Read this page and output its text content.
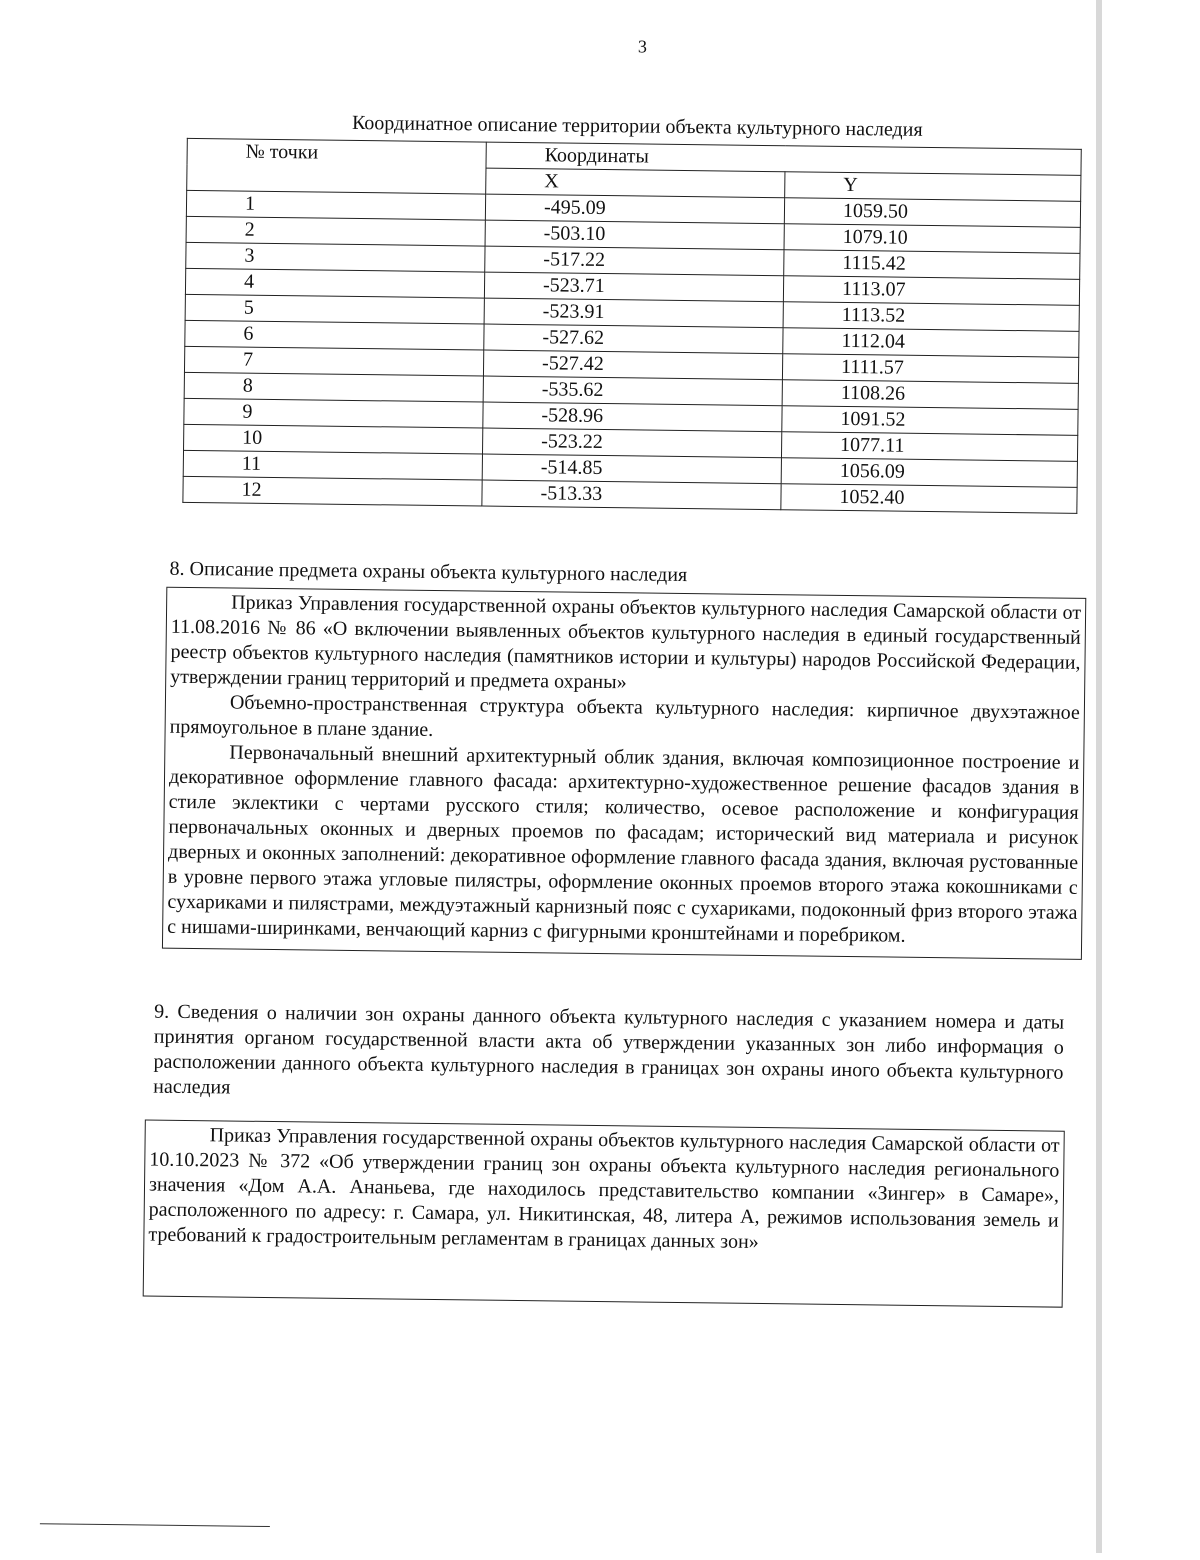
3
Координатное описание территории объекта культурного наследия
№ точки	Координаты	
	X	Y
1	-495.09	1059.50
2	-503.10	1079.10
3	-517.22	1115.42
4	-523.71	1113.07
5	-523.91	1113.52
6	-527.62	1112.04
7	-527.42	1111.57
8	-535.62	1108.26
9	-528.96	1091.52
10	-523.22	1077.11
11	-514.85	1056.09
12	-513.33	1052.40
8. Описание предмета охраны объекта культурного наследия

Приказ Управления государственной охраны объектов культурного наследия Самарской области от 11.08.2016 № 86 «О включении выявленных объектов культурного наследия в единый государственный реестр объектов культурного наследия (памятников истории и культуры) народов Российской Федерации, утверждении границ территорий и предмета охраны»

Объемно-пространственная структура объекта культурного наследия: кирпичное двухэтажное прямоугольное в плане здание.

Первоначальный внешний архитектурный облик здания, включая композиционное построение и декоративное оформление главного фасада: архитектурно-художественное решение фасадов здания в стиле эклектики с чертами русского стиля; количество, осевое расположение и конфигурация первоначальных оконных и дверных проемов по фасадам; исторический вид материала и рисунок дверных и оконных заполнений: декоративное оформление главного фасада здания, включая рустованные в уровне первого этажа угловые пилястры, оформление оконных проемов второго этажа кокошниками с сухариками и пилястрами, междуэтажный карнизный пояс с сухариками, подоконный фриз второго этажа с нишами-ширинками, венчающий карниз с фигурными кронштейнами и поребриком.

9. Сведения о наличии зон охраны данного объекта культурного наследия с указанием номера и даты принятия органом государственной власти акта об утверждении указанных зон либо информация о расположении данного объекта культурного наследия в границах зон охраны иного объекта культурного наследия

Приказ Управления государственной охраны объектов культурного наследия Самарской области от 10.10.2023 № 372 «Об утверждении границ зон охраны объекта культурного наследия регионального значения «Дом А.А. Ананьева, где находилось представительство компании «Зингер» в Самаре», расположенного по адресу: г. Самара, ул. Никитинская, 48, литера А, режимов использования земель и требований к градостроительным регламентам в границах данных зон»
